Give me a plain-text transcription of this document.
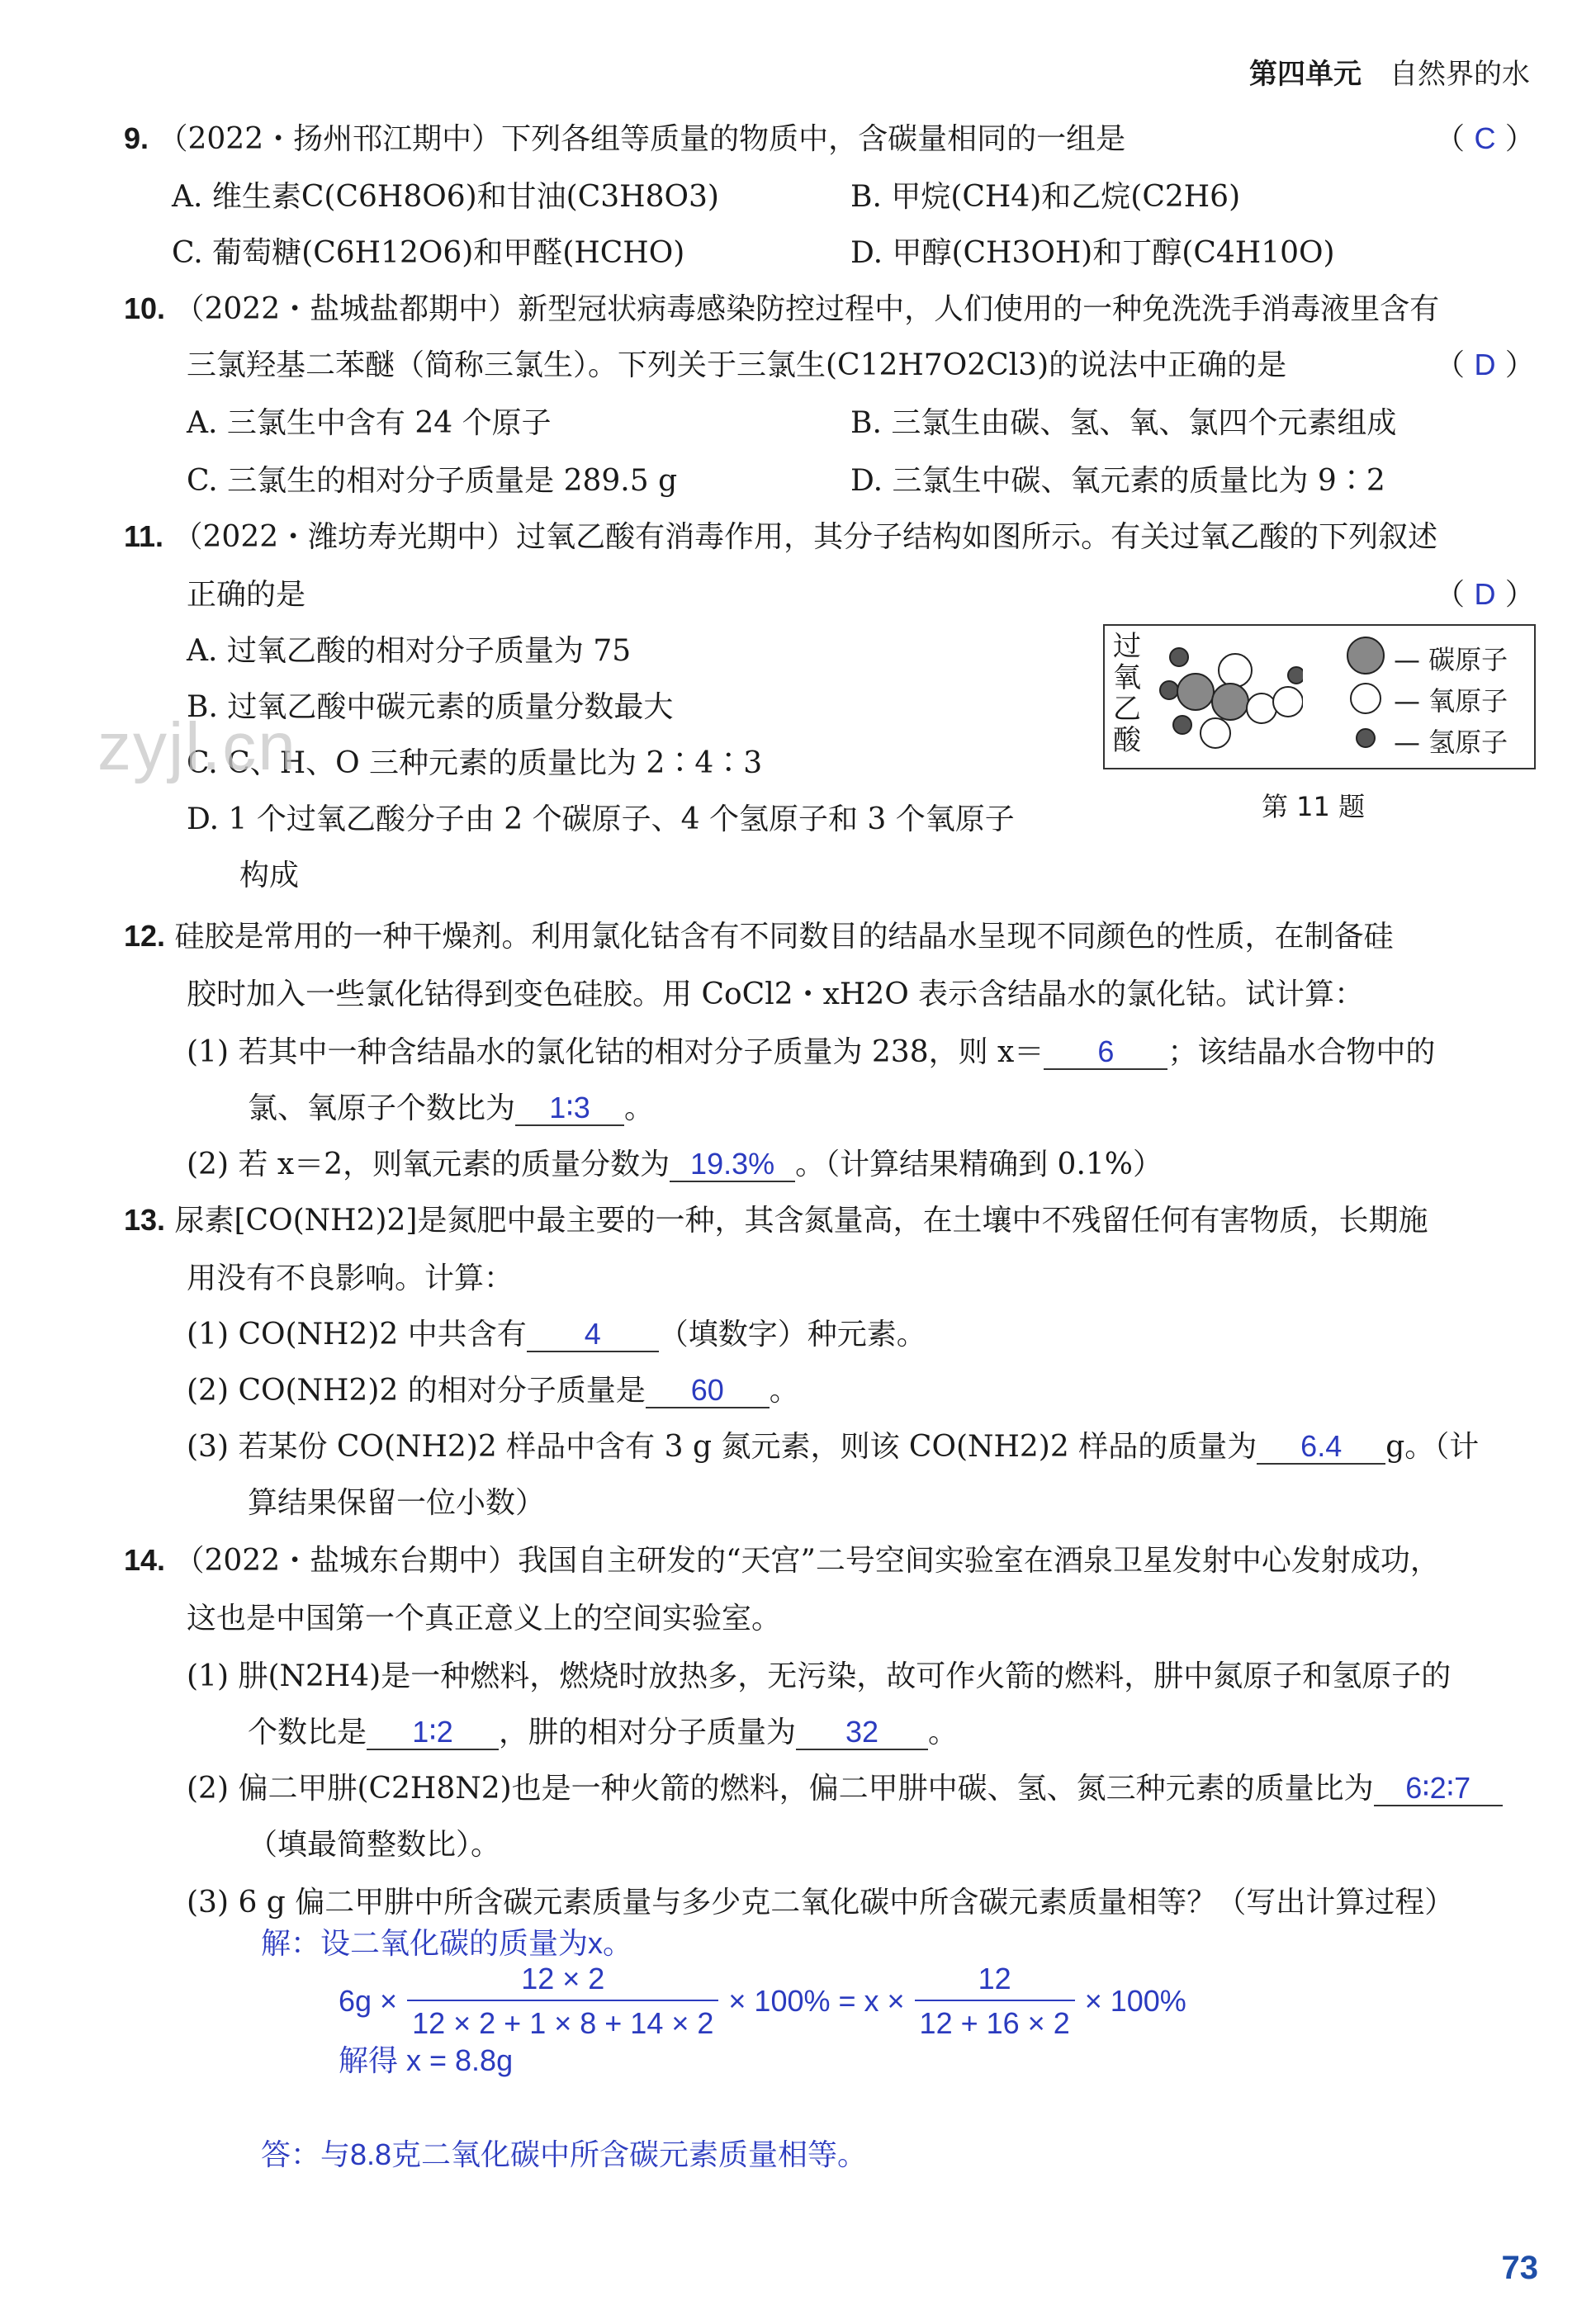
第四单元 自然界的水
9. （2022・扬州邗江期中）下列各组等质量的物质中，含碳量相同的一组是	（ C ）
A. 维生素C(C6H8O6)和甘油(C3H8O3)	B. 甲烷(CH4)和乙烷(C2H6)
C. 葡萄糖(C6H12O6)和甲醛(HCHO)	D. 甲醇(CH3OH)和丁醇(C4H10O)
10. （2022・盐城盐都期中）新型冠状病毒感染防控过程中，人们使用的一种免洗洗手消毒液里含有
三氯羟基二苯醚（简称三氯生）。下列关于三氯生(C12H7O2Cl3)的说法中正确的是	（ D ）
A. 三氯生中含有 24 个原子	B. 三氯生由碳、氢、氧、氯四个元素组成
C. 三氯生的相对分子质量是 289.5 g	D. 三氯生中碳、氧元素的质量比为 9∶2
11. （2022・潍坊寿光期中）过氧乙酸有消毒作用，其分子结构如图所示。有关过氧乙酸的下列叙述
正确的是	（ D ）
A. 过氧乙酸的相对分子质量为 75
B. 过氧乙酸中碳元素的质量分数最大
C. C、H、O 三种元素的质量比为 2∶4∶3
D. 1 个过氧乙酸分子由 2 个碳原子、4 个氢原子和 3 个氧原子
构成
zyjl.cn
过
氧
乙
酸
— 碳原子
— 氧原子
— 氢原子
第 11 题
12. 硅胶是常用的一种干燥剂。利用氯化钴含有不同数目的结晶水呈现不同颜色的性质，在制备硅
胶时加入一些氯化钴得到变色硅胶。用 CoCl2・xH2O 表示含结晶水的氯化钴。试计算：
(1) 若其中一种含结晶水的氯化钴的相对分子质量为 238，则 x＝ 6 ；该结晶水合物中的
氯、氧原子个数比为 1∶3 。
(2) 若 x＝2，则氧元素的质量分数为 19.3% 。（计算结果精确到 0.1%）
13. 尿素[CO(NH2)2]是氮肥中最主要的一种，其含氮量高，在土壤中不残留任何有害物质，长期施
用没有不良影响。计算：
(1) CO(NH2)2 中共含有 4 （填数字）种元素。
(2) CO(NH2)2 的相对分子质量是 60 。
(3) 若某份 CO(NH2)2 样品中含有 3 g 氮元素，则该 CO(NH2)2 样品的质量为 6.4 g。（计
算结果保留一位小数）
14. （2022・盐城东台期中）我国自主研发的“天宫”二号空间实验室在酒泉卫星发射中心发射成功，
这也是中国第一个真正意义上的空间实验室。
(1) 肼(N2H4)是一种燃料，燃烧时放热多，无污染，故可作火箭的燃料，肼中氮原子和氢原子的
个数比是 1∶2 ，肼的相对分子质量为 32 。
(2) 偏二甲肼(C2H8N2)也是一种火箭的燃料，偏二甲肼中碳、氢、氮三种元素的质量比为 6∶2∶7
（填最简整数比）。
(3) 6 g 偏二甲肼中所含碳元素质量与多少克二氧化碳中所含碳元素质量相等？（写出计算过程）
解：设二氧化碳的质量为x。
$6g \times \frac{12 \times 2}{12 \times 2 + 1 \times 8 + 14 \times 2} \times 100\% = x \times \frac{12}{12 + 16 \times 2} \times 100\%$
解得 x = 8.8g
答：与8.8克二氧化碳中所含碳元素质量相等。
73
